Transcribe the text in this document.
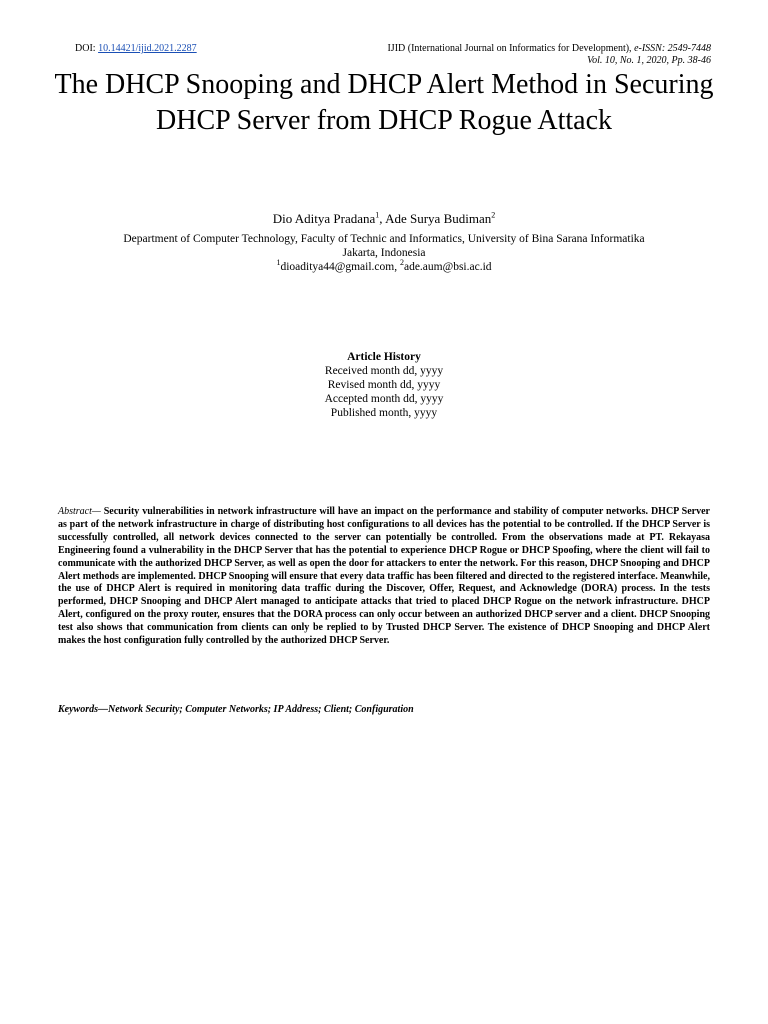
DOI: 10.14421/ijid.2021.2287	IJID (International Journal on Informatics for Development), e-ISSN: 2549-7448
Vol. 10, No. 1, 2020, Pp. 38-46
The DHCP Snooping and DHCP Alert Method in Securing DHCP Server from DHCP Rogue Attack
Dio Aditya Pradana$^1$, Ade Surya Budiman$^2$
Department of Computer Technology, Faculty of Technic and Informatics, University of Bina Sarana Informatika
Jakarta, Indonesia
$^1$dioaditya44@gmail.com, $^2$ade.aum@bsi.ac.id
Article History
Received month dd, yyyy
Revised month dd, yyyy
Accepted month dd, yyyy
Published month, yyyy

Abstract— Security vulnerabilities in network infrastructure will have an impact on the performance and stability of computer networks. DHCP Server as part of the network infrastructure in charge of distributing host configurations to all devices has the potential to be controlled. If the DHCP Server is successfully controlled, all network devices connected to the server can potentially be controlled. From the observations made at PT. Rekayasa Engineering found a vulnerability in the DHCP Server that has the potential to experience DHCP Rogue or DHCP Spoofing, where the client will fail to communicate with the authorized DHCP Server, as well as open the door for attackers to enter the network. For this reason, DHCP Snooping and DHCP Alert methods are implemented. DHCP Snooping will ensure that every data traffic has been filtered and directed to the registered interface. Meanwhile, the use of DHCP Alert is required in monitoring data traffic during the Discover, Offer, Request, and Acknowledge (DORA) process. In the tests performed, DHCP Snooping and DHCP Alert managed to anticipate attacks that tried to placed DHCP Rogue on the network infrastructure. DHCP Alert, configured on the proxy router, ensures that the DORA process can only occur between an authorized DHCP server and a client. DHCP Snooping test also shows that communication from clients can only be replied to by Trusted DHCP Server. The existence of DHCP Snooping and DHCP Alert makes the host configuration fully controlled by the authorized DHCP Server.

Keywords—Network Security; Computer Networks; IP Address; Client; Configuration
